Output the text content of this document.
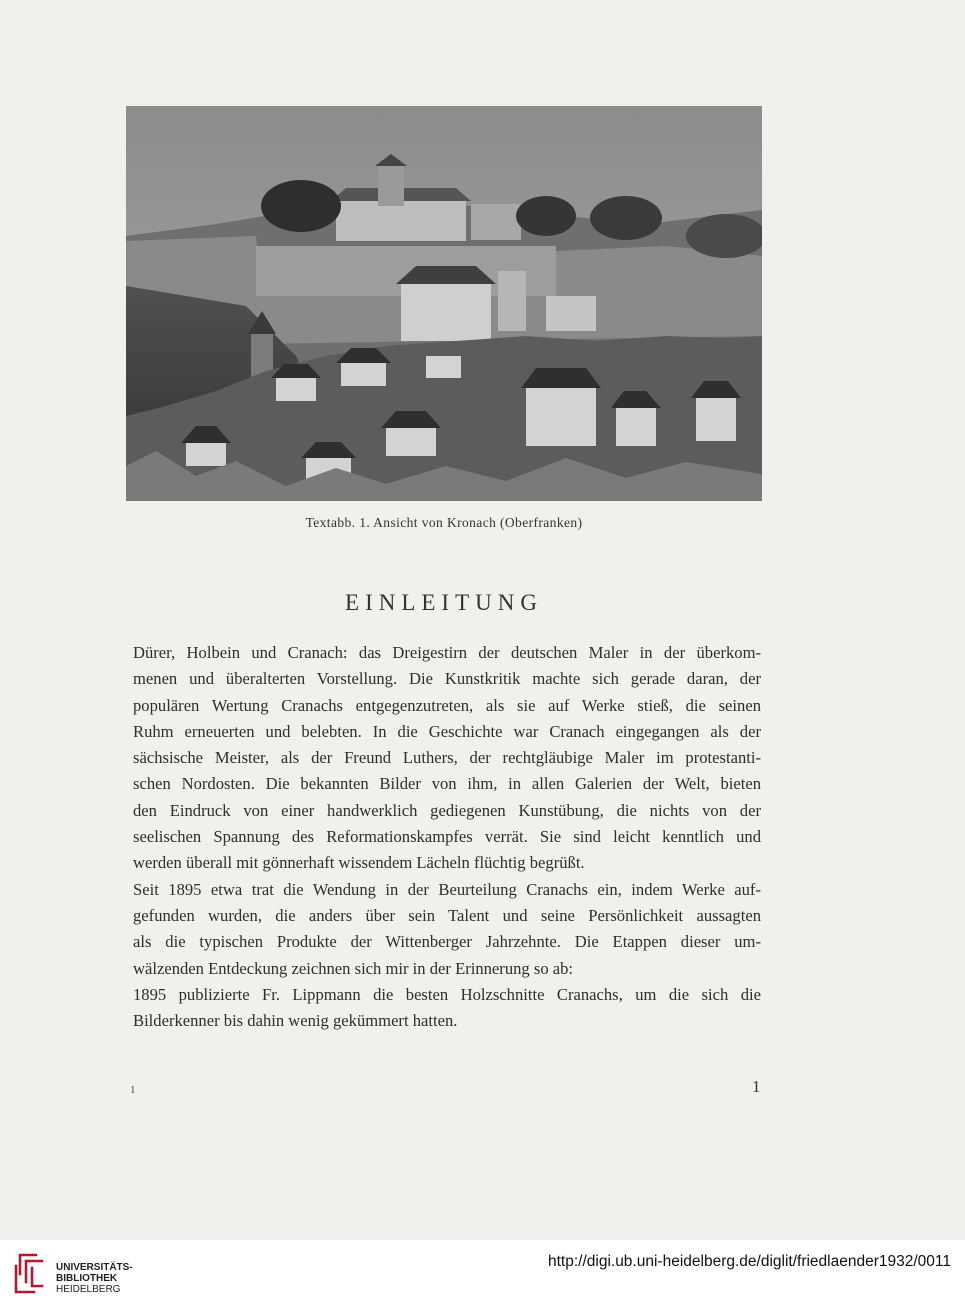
Textabb. 1. Ansicht von Kronach (Oberfranken)
EINLEITUNG
Dürer, Holbein und Cranach: das Dreigestirn der deutschen Maler in der überkom-
menen und überalterten Vorstellung. Die Kunstkritik machte sich gerade daran, der
populären Wertung Cranachs entgegenzutreten, als sie auf Werke stieß, die seinen
Ruhm erneuerten und belebten. In die Geschichte war Cranach eingegangen als der
sächsische Meister, als der Freund Luthers, der rechtgläubige Maler im protestanti-
schen Nordosten. Die bekannten Bilder von ihm, in allen Galerien der Welt, bieten
den Eindruck von einer handwerklich gediegenen Kunstübung, die nichts von der
seelischen Spannung des Reformationskampfes verrät. Sie sind leicht kenntlich und
werden überall mit gönnerhaft wissendem Lächeln flüchtig begrüßt.
Seit 1895 etwa trat die Wendung in der Beurteilung Cranachs ein, indem Werke auf-
gefunden wurden, die anders über sein Talent und seine Persönlichkeit aussagten
als die typischen Produkte der Wittenberger Jahrzehnte. Die Etappen dieser um-
wälzenden Entdeckung zeichnen sich mir in der Erinnerung so ab:
1895 publizierte Fr. Lippmann die besten Holzschnitte Cranachs, um die sich die
Bilderkenner bis dahin wenig gekümmert hatten.
1	1
UNIVERSITÄTS-
BIBLIOTHEK
HEIDELBERG
http://digi.ub.uni-heidelberg.de/diglit/friedlaender1932/0011
